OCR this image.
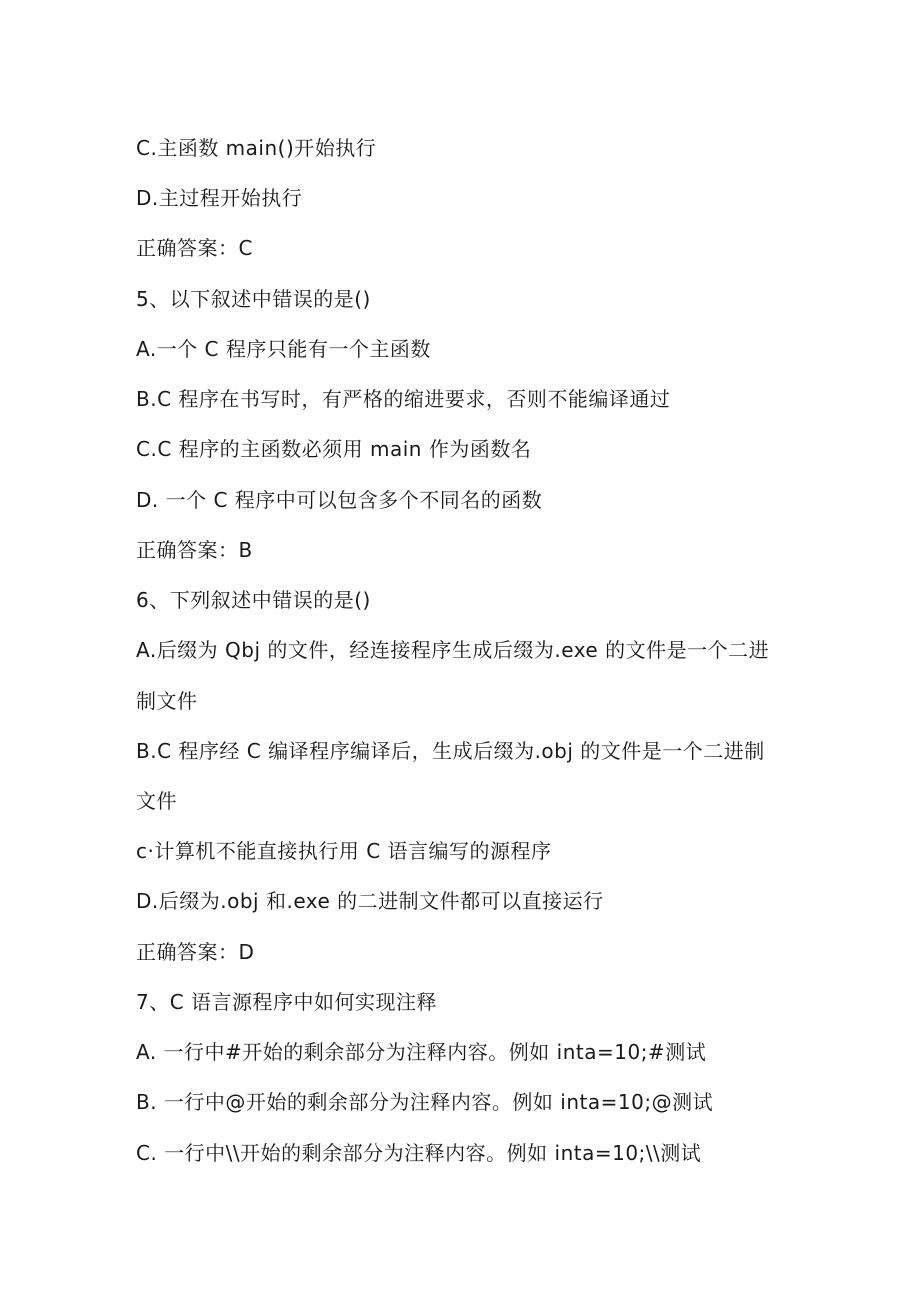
C.主函数 main()开始执行
D.主过程开始执行
正确答案：C
5、以下叙述中错误的是()
A.一个 C 程序只能有一个主函数
B.C 程序在书写时，有严格的缩进要求，否则不能编译通过
C.C 程序的主函数必须用 main 作为函数名
D. 一个 C 程序中可以包含多个不同名的函数
正确答案：B
6、下列叙述中错误的是()
A.后缀为 Qbj 的文件，经连接程序生成后缀为.exe 的文件是一个二进
制文件
B.C 程序经 C 编译程序编译后，生成后缀为.obj 的文件是一个二进制
文件
c·计算机不能直接执行用 C 语言编写的源程序
D.后缀为.obj 和.exe 的二进制文件都可以直接运行
正确答案：D
7、C 语言源程序中如何实现注释
A. 一行中#开始的剩余部分为注释内容。例如 inta=10;#测试
B. 一行中@开始的剩余部分为注释内容。例如 inta=10;@测试
C. 一行中\\开始的剩余部分为注释内容。例如 inta=10;\\测试
